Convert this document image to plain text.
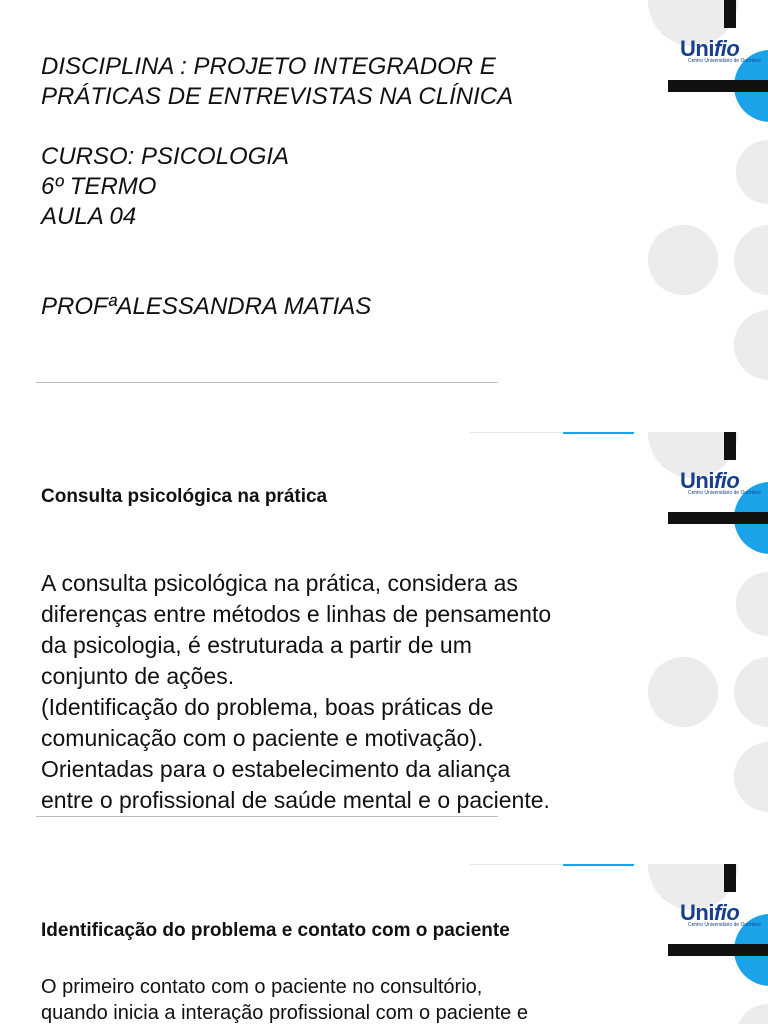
Unifio
Centro Universitário de Ourinhos
DISCIPLINA : PROJETO INTEGRADOR E
PRÁTICAS DE ENTREVISTAS NA CLÍNICA
CURSO: PSICOLOGIA
6º TERMO
AULA 04
PROFªALESSANDRA MATIAS
Unifio
Centro Universitário de Ourinhos
Consulta psicológica na prática

A consulta psicológica na prática, considera as

diferenças entre métodos e linhas de pensamento

da psicologia, é estruturada a partir de um

conjunto de ações.

(Identificação do problema, boas práticas de

comunicação com o paciente e motivação).

Orientadas para o estabelecimento da aliança

entre o profissional de saúde mental e o paciente.

Unifio
Centro Universitário de Ourinhos
Identificação do problema e contato com o paciente
O primeiro contato com o paciente no consultório,
quando inicia a interação profissional com o paciente e
